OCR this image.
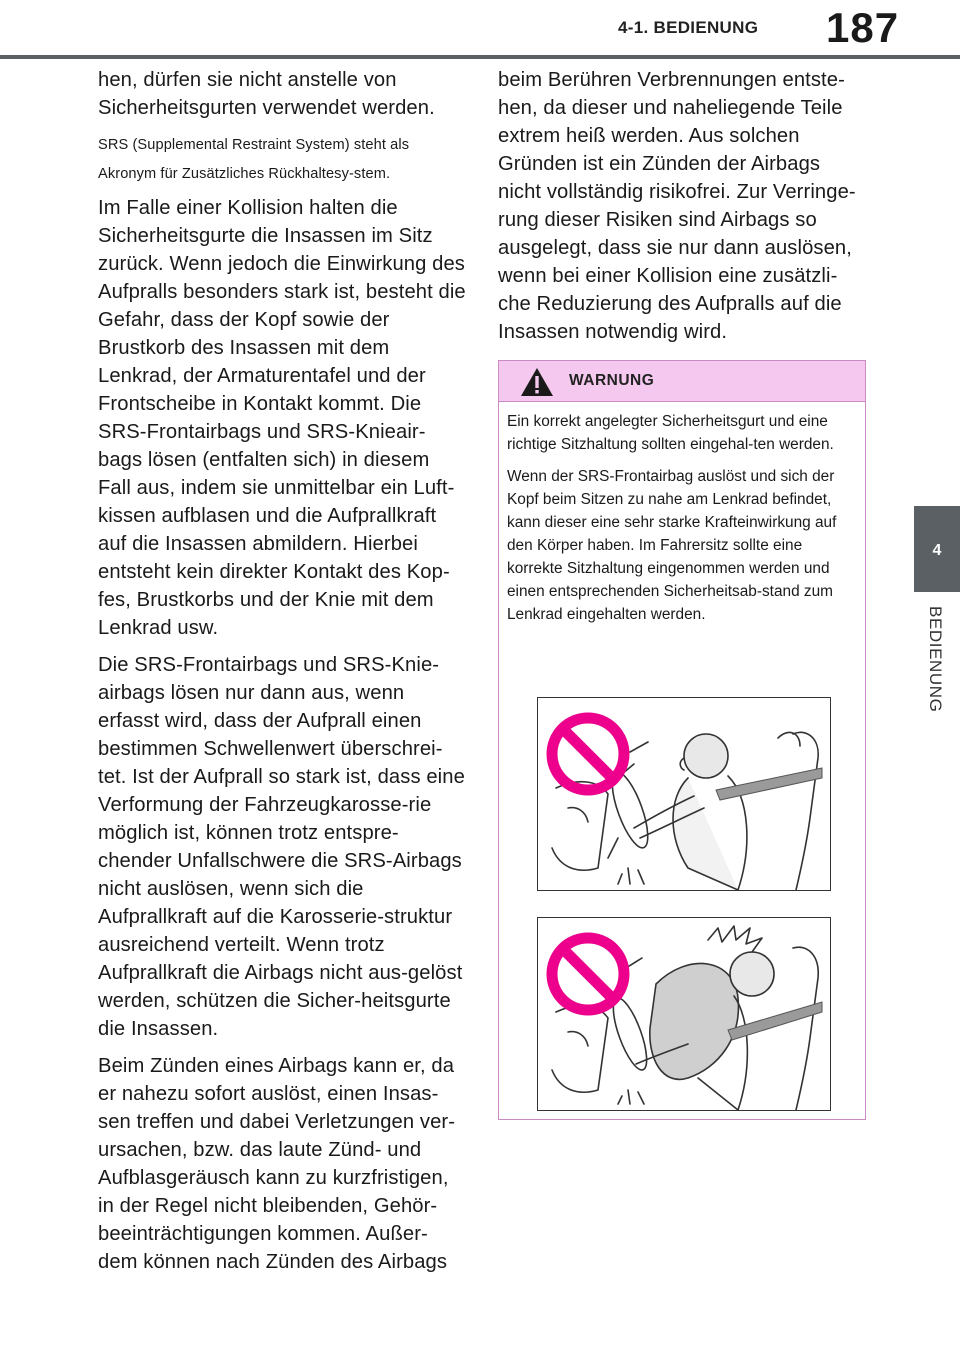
4-1. BEDIENUNG 187
4
BEDIENUNG

hen, dürfen sie nicht anstelle von Sicherheitsgurten verwendet werden.

SRS (Supplemental Restraint System) steht als Akronym für Zusätzliches Rückhaltesy-stem.

Im Falle einer Kollision halten die Sicherheitsgurte die Insassen im Sitz zurück. Wenn jedoch die Einwirkung des Aufpralls besonders stark ist, besteht die Gefahr, dass der Kopf sowie der Brustkorb des Insassen mit dem Lenkrad, der Armaturentafel und der Frontscheibe in Kontakt kommt. Die SRS-Frontairbags und SRS-Knieair-bags lösen (entfalten sich) in diesem Fall aus, indem sie unmittelbar ein Luft-kissen aufblasen und die Aufprallkraft auf die Insassen abmildern. Hierbei entsteht kein direkter Kontakt des Kop-fes, Brustkorbs und der Knie mit dem Lenkrad usw.

Die SRS-Frontairbags und SRS-Knie-airbags lösen nur dann aus, wenn erfasst wird, dass der Aufprall einen bestimmen Schwellenwert überschrei-tet. Ist der Aufprall so stark ist, dass eine Verformung der Fahrzeugkarosse-rie möglich ist, können trotz entspre-chender Unfallschwere die SRS-Airbags nicht auslösen, wenn sich die Aufprallkraft auf die Karosserie-struktur ausreichend verteilt. Wenn trotz Aufprallkraft die Airbags nicht aus-gelöst werden, schützen die Sicher-heitsgurte die Insassen.

Beim Zünden eines Airbags kann er, da er nahezu sofort auslöst, einen Insas-sen treffen und dabei Verletzungen ver-ursachen, bzw. das laute Zünd- und Aufblasgeräusch kann zu kurzfristigen, in der Regel nicht bleibenden, Gehör-beeinträchtigungen kommen. Außer-dem können nach Zünden des Airbags

beim Berühren Verbrennungen entste-hen, da dieser und naheliegende Teile extrem heiß werden. Aus solchen Gründen ist ein Zünden der Airbags nicht vollständig risikofrei. Zur Verringe-rung dieser Risiken sind Airbags so ausgelegt, dass sie nur dann auslösen, wenn bei einer Kollision eine zusätzli-che Reduzierung des Aufpralls auf die Insassen notwendig wird.

WARNUNG

Ein korrekt angelegter Sicherheitsgurt und eine richtige Sitzhaltung sollten eingehal-ten werden.

Wenn der SRS-Frontairbag auslöst und sich der Kopf beim Sitzen zu nahe am Lenkrad befindet, kann dieser eine sehr starke Krafteinwirkung auf den Körper haben. Im Fahrersitz sollte eine korrekte Sitzhaltung eingenommen werden und einen entsprechenden Sicherheitsab-stand zum Lenkrad eingehalten werden.
